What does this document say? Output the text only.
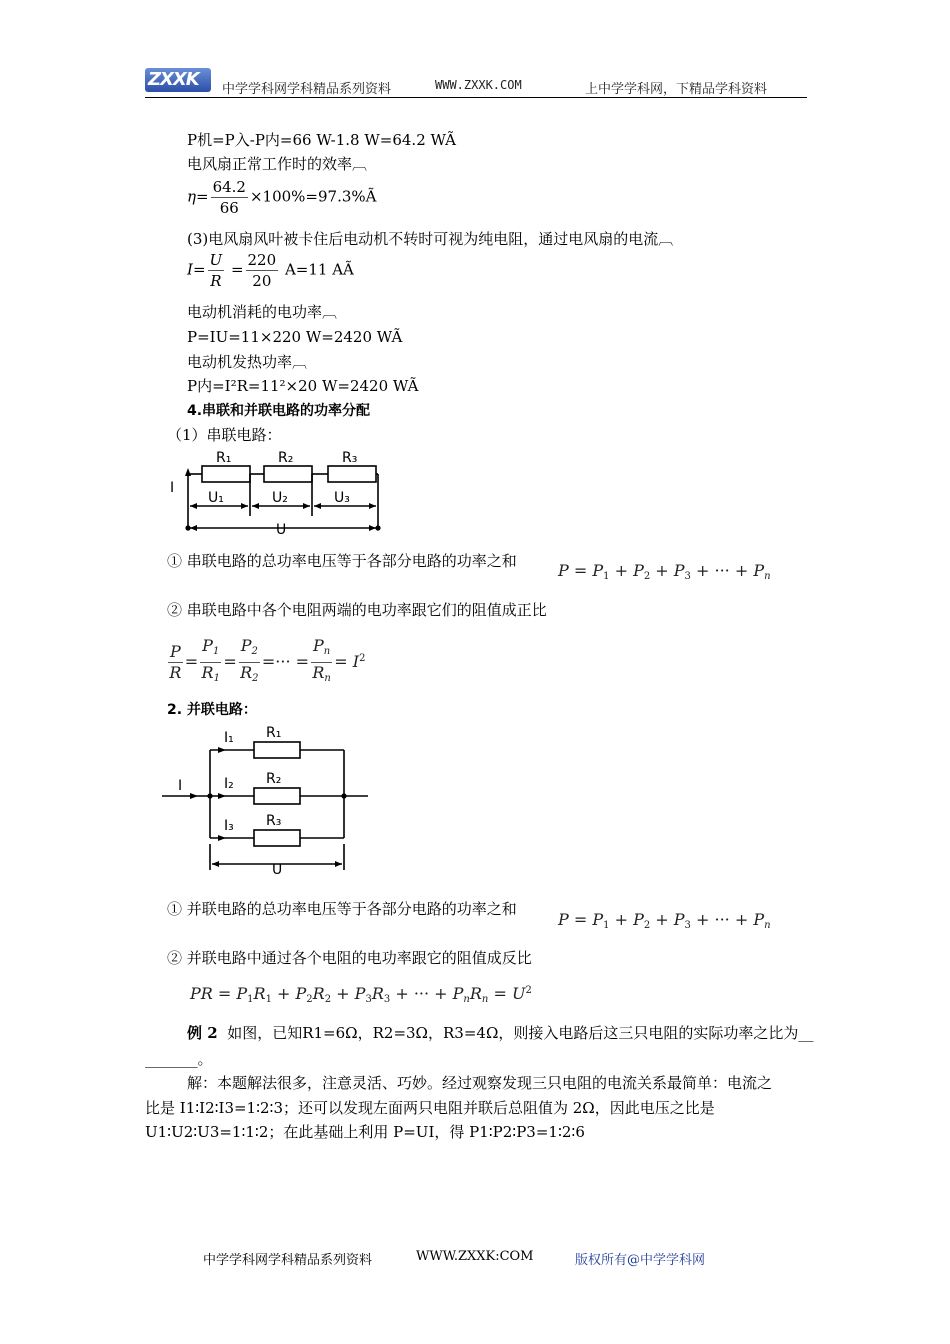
ZXXK 中学学科网学科精品系列资料	WWW.ZXXK.COM	上中学学科网，下精品学科资料
P机=P入-P内=66 W-1.8 W=64.2 WÃ
电风扇正常工作时的效率︹
$\eta= \frac{64.2}{66}$ ×100%=97.3%Ã
(3)电风扇风叶被卡住后电动机不转时可视为纯电阻，通过电风扇的电流︹
$I= \frac{U}{R} = \frac{220}{20} A=11$ AÃ
电动机消耗的电功率︹
P=IU=11×220 W=2420 WÃ
电动机发热功率︹
P内=I²R=11²×20 W=2420 WÃ
4.串联和并联电路的功率分配
（1）串联电路：
R₁	R₂	R₃
I
U₁	U₂	U₃
U
① 串联电路的总功率电压等于各部分电路的功率之和	$P = P_1 + P_2 + P_3$ + ··· + $P_n$
② 串联电路中各个电阻两端的电功率跟它们的阻值成正比
$\frac{P}{R} = \frac{P_1}{R_1} = \frac{P_2}{R_2}$ =··· = $\frac{P_n}{R_n} = I^2$
2. 并联电路：
I
I₁
I₂
I₃
R₁
R₂
R₃
U
① 并联电路的总功率电压等于各部分电路的功率之和
$P = P_1 + P_2 + P_3$ + ··· + $P_n$
② 并联电路中通过各个电阻的电功率跟它的阻值成反比
PR = $P_1R_1 + P_2R_2 + P_3R_3$ + ··· + $P_nR_n = U^2$
例 2 如图，已知R1=6Ω，R2=3Ω，R3=4Ω，则接入电路后这三只电阻的实际功率之比为__
_______。
解：本题解法很多，注意灵活、巧妙。经过观察发现三只电阻的电流关系最简单：电流之
比是 I1∶I2∶I3=1∶2∶3；还可以发现左面两只电阻并联后总阻值为 2Ω，因此电压之比是
U1∶U2∶U3=1∶1∶2；在此基础上利用 P=UI，得 P1∶P2∶P3=1∶2∶6
中学学科网学科精品系列资料	WWW.ZXXK:COM	版权所有@中学学科网
